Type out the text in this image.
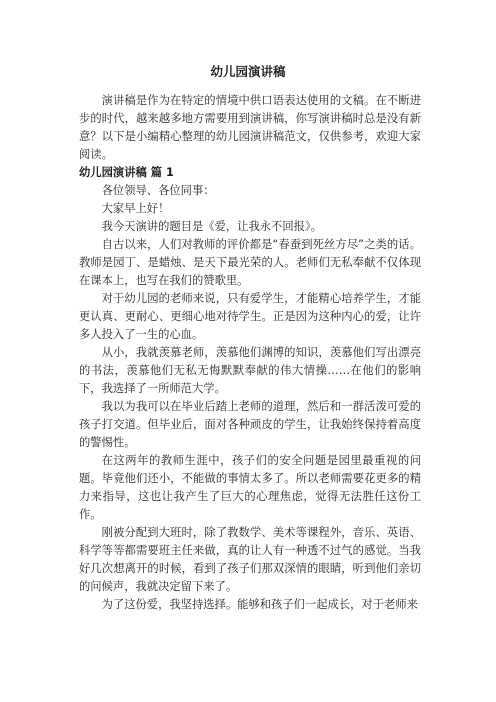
幼儿园演讲稿

演讲稿是作为在特定的情境中供口语表达使用的文稿。在不断进步的时代，越来越多地方需要用到演讲稿，你写演讲稿时总是没有新意？以下是小编精心整理的幼儿园演讲稿范文，仅供参考，欢迎大家阅读。

幼儿园演讲稿 篇 1

各位领导、各位同事：

大家早上好！

我今天演讲的题目是《爱，让我永不回报》。

自古以来，人们对教师的评价都是“春蚕到死丝方尽”之类的话。教师是园丁、是蜡烛、是天下最光荣的人。老师们无私奉献不仅体现在课本上，也写在我们的赞歌里。

对于幼儿园的老师来说，只有爱学生，才能精心培养学生，才能更认真、更耐心、更细心地对待学生。正是因为这种内心的爱，让许多人投入了一生的心血。

从小，我就羡慕老师，羡慕他们渊博的知识，羡慕他们写出漂亮的书法，羡慕他们无私无悔默默奉献的伟大情操……在他们的影响下，我选择了一所师范大学。

我以为我可以在毕业后踏上老师的道理，然后和一群活泼可爱的孩子打交道。但毕业后，面对各种顽皮的学生，让我始终保持着高度的警惕性。

在这两年的教师生涯中，孩子们的安全问题是园里最重视的问题。毕竟他们还小，不能做的事情太多了。所以老师需要花更多的精力来指导，这也让我产生了巨大的心理焦虑，觉得无法胜任这份工作。

刚被分配到大班时，除了教数学、美术等课程外，音乐、英语、科学等等都需要班主任来做，真的让人有一种透不过气的感觉。当我好几次想离开的时候，看到了孩子们那双深情的眼睛，听到他们亲切的问候声，我就决定留下来了。

为了这份爱，我坚持选择。能够和孩子们一起成长，对于老师来
